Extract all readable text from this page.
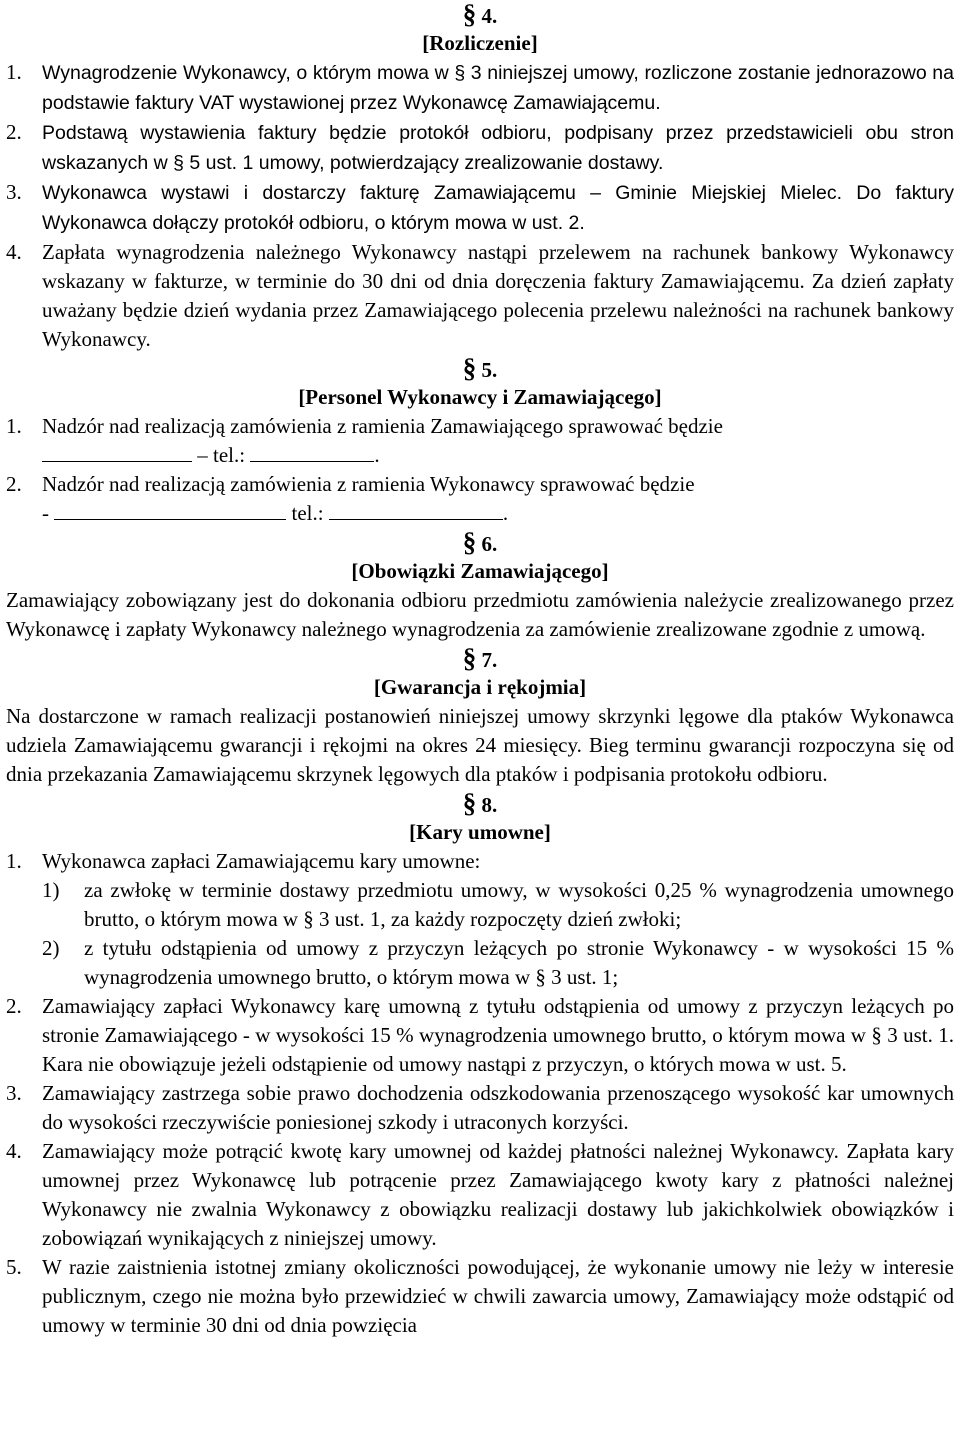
§ 4.

[Rozliczenie]

1. Wynagrodzenie Wykonawcy, o którym mowa w § 3 niniejszej umowy, rozliczone zostanie jednorazowo na podstawie faktury VAT wystawionej przez Wykonawcę Zamawiającemu.

2. Podstawą wystawienia faktury będzie protokół odbioru, podpisany przez przedstawicieli obu stron wskazanych w § 5 ust. 1 umowy, potwierdzający zrealizowanie dostawy.

3. Wykonawca wystawi i dostarczy fakturę Zamawiającemu – Gminie Miejskiej Mielec. Do faktury Wykonawca dołączy protokół odbioru, o którym mowa w ust. 2.

4. Zapłata wynagrodzenia należnego Wykonawcy nastąpi przelewem na rachunek bankowy Wykonawcy wskazany w fakturze, w terminie do 30 dni od dnia doręczenia faktury Zamawiającemu. Za dzień zapłaty uważany będzie dzień wydania przez Zamawiającego polecenia przelewu należności na rachunek bankowy Wykonawcy.

§ 5.

[Personel Wykonawcy i Zamawiającego]

1. Nadzór nad realizacją zamówienia z ramienia Zamawiającego sprawować będzie
– tel.:	.

2. Nadzór nad realizacją zamówienia z ramienia Wykonawcy sprawować będzie
-	tel.:	.

§ 6.

[Obowiązki Zamawiającego]

Zamawiający zobowiązany jest do dokonania odbioru przedmiotu zamówienia należycie zrealizowanego przez Wykonawcę i zapłaty Wykonawcy należnego wynagrodzenia za zamówienie zrealizowane zgodnie z umową.

§ 7.

[Gwarancja i rękojmia]

Na dostarczone w ramach realizacji postanowień niniejszej umowy skrzynki lęgowe dla ptaków Wykonawca udziela Zamawiającemu gwarancji i rękojmi na okres 24 miesięcy. Bieg terminu gwarancji rozpoczyna się od dnia przekazania Zamawiającemu skrzynek lęgowych dla ptaków i podpisania protokołu odbioru.

§ 8.

[Kary umowne]

1. Wykonawca zapłaci Zamawiającemu kary umowne:

1) za zwłokę w terminie dostawy przedmiotu umowy, w wysokości 0,25 % wynagrodzenia umownego brutto, o którym mowa w § 3 ust. 1, za każdy rozpoczęty dzień zwłoki;

2) z tytułu odstąpienia od umowy z przyczyn leżących po stronie Wykonawcy - w wysokości 15 % wynagrodzenia umownego brutto, o którym mowa w § 3 ust. 1;

2. Zamawiający zapłaci Wykonawcy karę umowną z tytułu odstąpienia od umowy z przyczyn leżących po stronie Zamawiającego - w wysokości 15 % wynagrodzenia umownego brutto, o którym mowa w § 3 ust. 1. Kara nie obowiązuje jeżeli odstąpienie od umowy nastąpi z przyczyn, o których mowa w ust. 5.

3. Zamawiający zastrzega sobie prawo dochodzenia odszkodowania przenoszącego wysokość kar umownych do wysokości rzeczywiście poniesionej szkody i utraconych korzyści.

4. Zamawiający może potrącić kwotę kary umownej od każdej płatności należnej Wykonawcy. Zapłata kary umownej przez Wykonawcę lub potrącenie przez Zamawiającego kwoty kary z płatności należnej Wykonawcy nie zwalnia Wykonawcy z obowiązku realizacji dostawy lub jakichkolwiek obowiązków i zobowiązań wynikających z niniejszej umowy.

5. W razie zaistnienia istotnej zmiany okoliczności powodującej, że wykonanie umowy nie leży w interesie publicznym, czego nie można było przewidzieć w chwili zawarcia umowy, Zamawiający może odstąpić od umowy w terminie 30 dni od dnia powzięcia
